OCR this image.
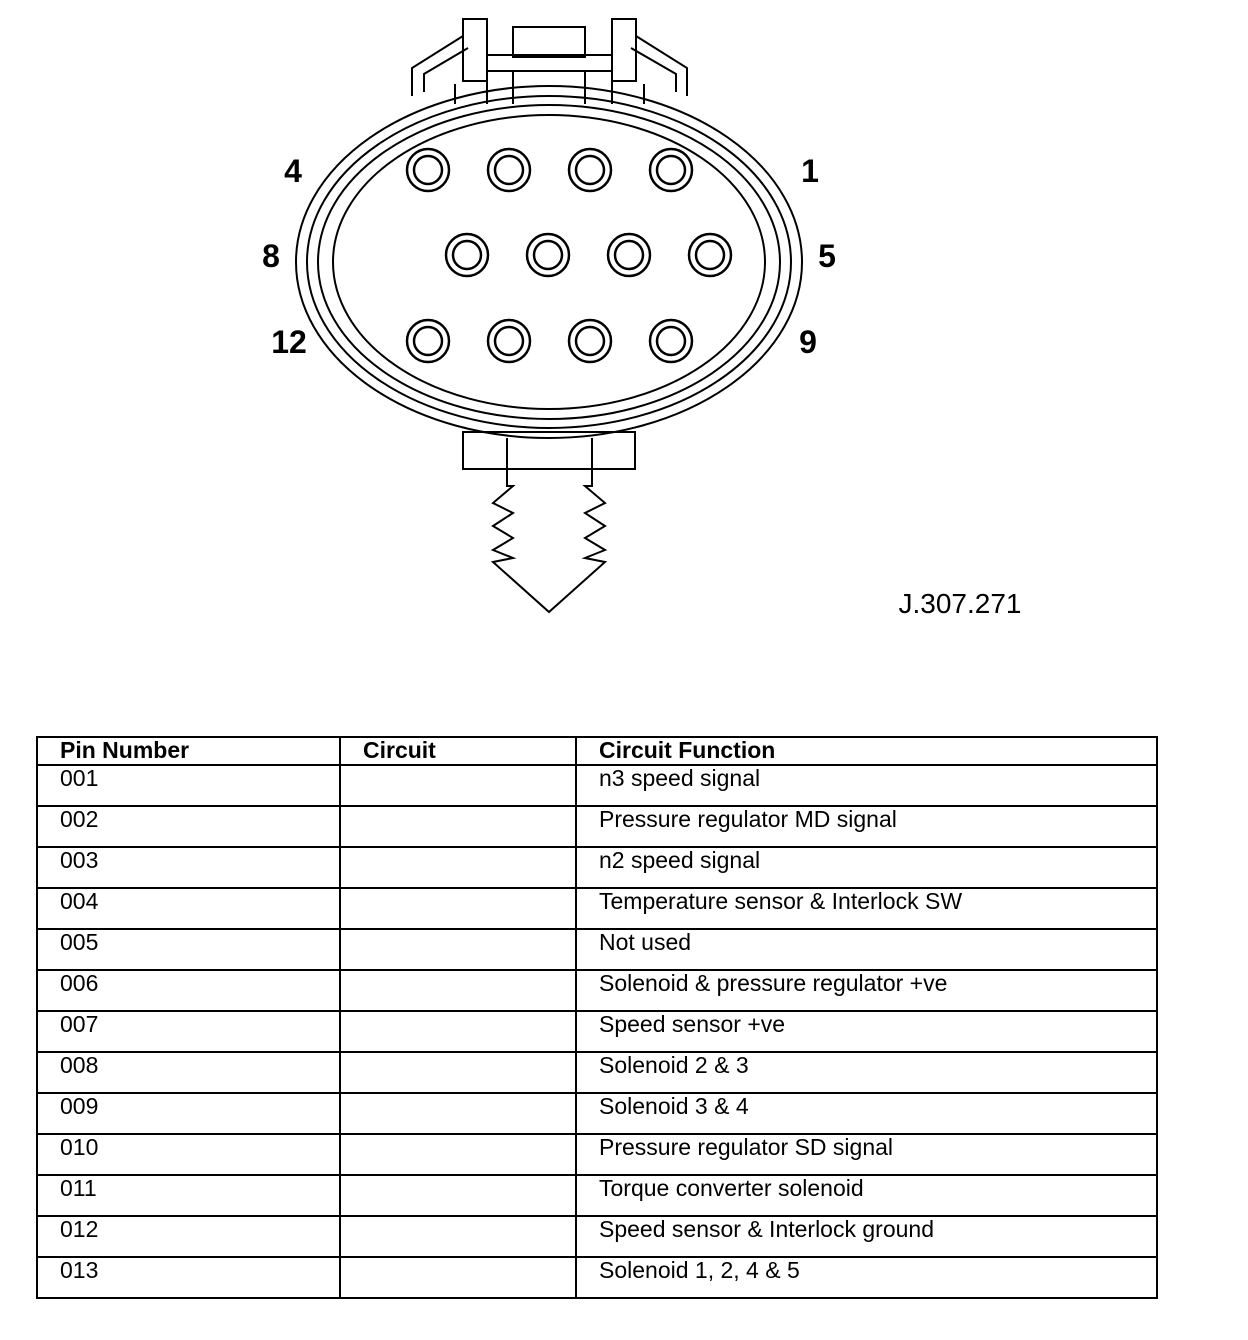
4	1
8	5
12	9
J.307.271
Pin Number	Circuit	Circuit Function
001		n3 speed signal
002		Pressure regulator MD signal
003		n2 speed signal
004		Temperature sensor & Interlock SW
005		Not used
006		Solenoid & pressure regulator +ve
007		Speed sensor +ve
008		Solenoid 2 & 3
009		Solenoid 3 & 4
010		Pressure regulator SD signal
011		Torque converter solenoid
012		Speed sensor & Interlock ground
013		Solenoid 1, 2, 4 & 5
